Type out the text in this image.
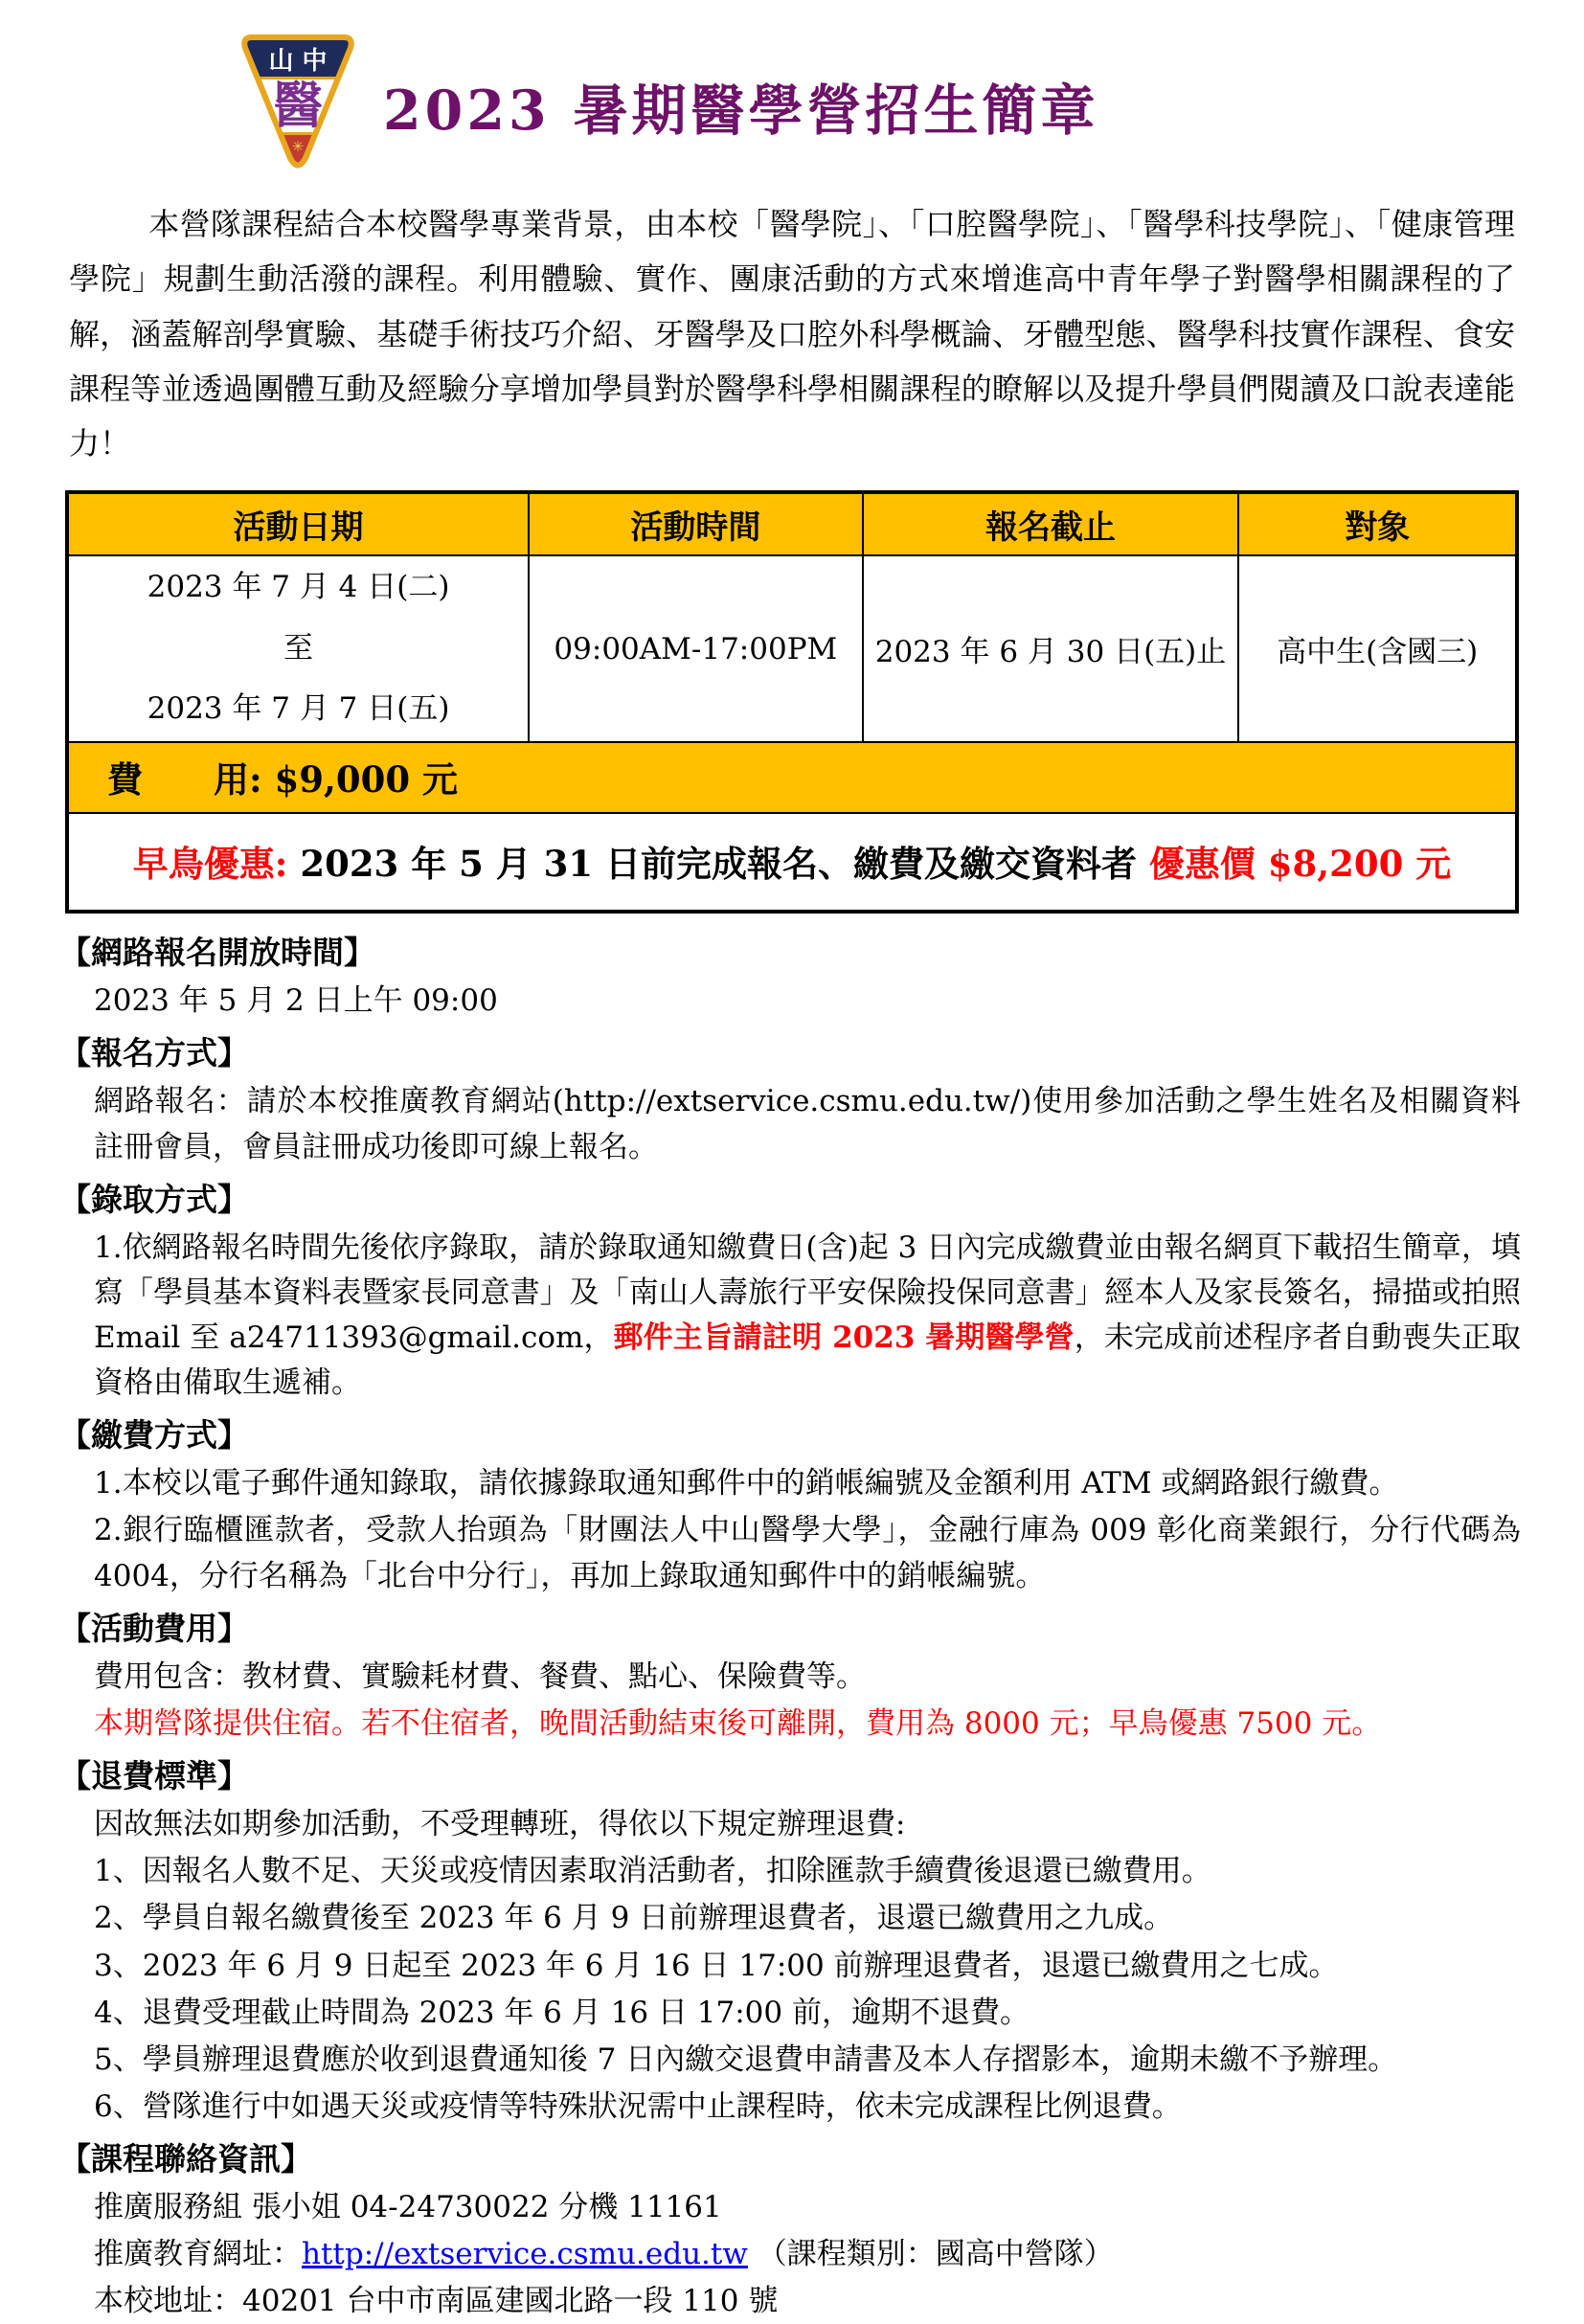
山 中
醫
✳
2023 暑期醫學營招生簡章
本營隊課程結合本校醫學專業背景，由本校「醫學院」、「口腔醫學院」、「醫學科技學院」、「健康管理學院」規劃生動活潑的課程。利用體驗、實作、團康活動的方式來增進高中青年學子對醫學相關課程的了解，涵蓋解剖學實驗、基礎手術技巧介紹、牙醫學及口腔外科學概論、牙體型態、醫學科技實作課程、食安課程等並透過團體互動及經驗分享增加學員對於醫學科學相關課程的瞭解以及提升學員們閱讀及口說表達能力！
活動日期	活動時間	報名截止	對象

2023 年 7 月 4 日(二)
至
2023 年 7 月 7 日(五)	09:00AM-17:00PM	2023 年 6 月 30 日(五)止	高中生(含國三)
費　　用: $9,000 元			
早鳥優惠: 2023 年 5 月 31 日前完成報名、繳費及繳交資料者 優惠價 $8,200 元			
【網路報名開放時間】

2023 年 5 月 2 日上午 09:00

【報名方式】

網路報名：請於本校推廣教育網站(http://extservice.csmu.edu.tw/)使用參加活動之學生姓名及相關資料註冊會員，會員註冊成功後即可線上報名。

【錄取方式】

1.依網路報名時間先後依序錄取，請於錄取通知繳費日(含)起 3 日內完成繳費並由報名網頁下載招生簡章，填寫「學員基本資料表暨家長同意書」及「南山人壽旅行平安保險投保同意書」經本人及家長簽名，掃描或拍照 Email 至 a24711393@gmail.com，郵件主旨請註明 2023 暑期醫學營，未完成前述程序者自動喪失正取資格由備取生遞補。

【繳費方式】

1.本校以電子郵件通知錄取，請依據錄取通知郵件中的銷帳編號及金額利用 ATM 或網路銀行繳費。

2.銀行臨櫃匯款者，受款人抬頭為「財團法人中山醫學大學」，金融行庫為 009 彰化商業銀行，分行代碼為 4004，分行名稱為「北台中分行」，再加上錄取通知郵件中的銷帳編號。

【活動費用】

費用包含：教材費、實驗耗材費、餐費、點心、保險費等。

本期營隊提供住宿。若不住宿者，晚間活動結束後可離開，費用為 8000 元；早鳥優惠 7500 元。

【退費標準】

因故無法如期參加活動，不受理轉班，得依以下規定辦理退費:

1、因報名人數不足、天災或疫情因素取消活動者，扣除匯款手續費後退還已繳費用。
2、學員自報名繳費後至 2023 年 6 月 9 日前辦理退費者，退還已繳費用之九成。
3、2023 年 6 月 9 日起至 2023 年 6 月 16 日 17:00 前辦理退費者，退還已繳費用之七成。
4、退費受理截止時間為 2023 年 6 月 16 日 17:00 前，逾期不退費。
5、學員辦理退費應於收到退費通知後 7 日內繳交退費申請書及本人存摺影本，逾期未繳不予辦理。
6、營隊進行中如遇天災或疫情等特殊狀況需中止課程時，依未完成課程比例退費。
【課程聯絡資訊】

推廣服務組 張小姐 04-24730022 分機 11161

推廣教育網址：http://extservice.csmu.edu.tw （課程類別：國高中營隊）

本校地址：40201 台中市南區建國北路一段 110 號
